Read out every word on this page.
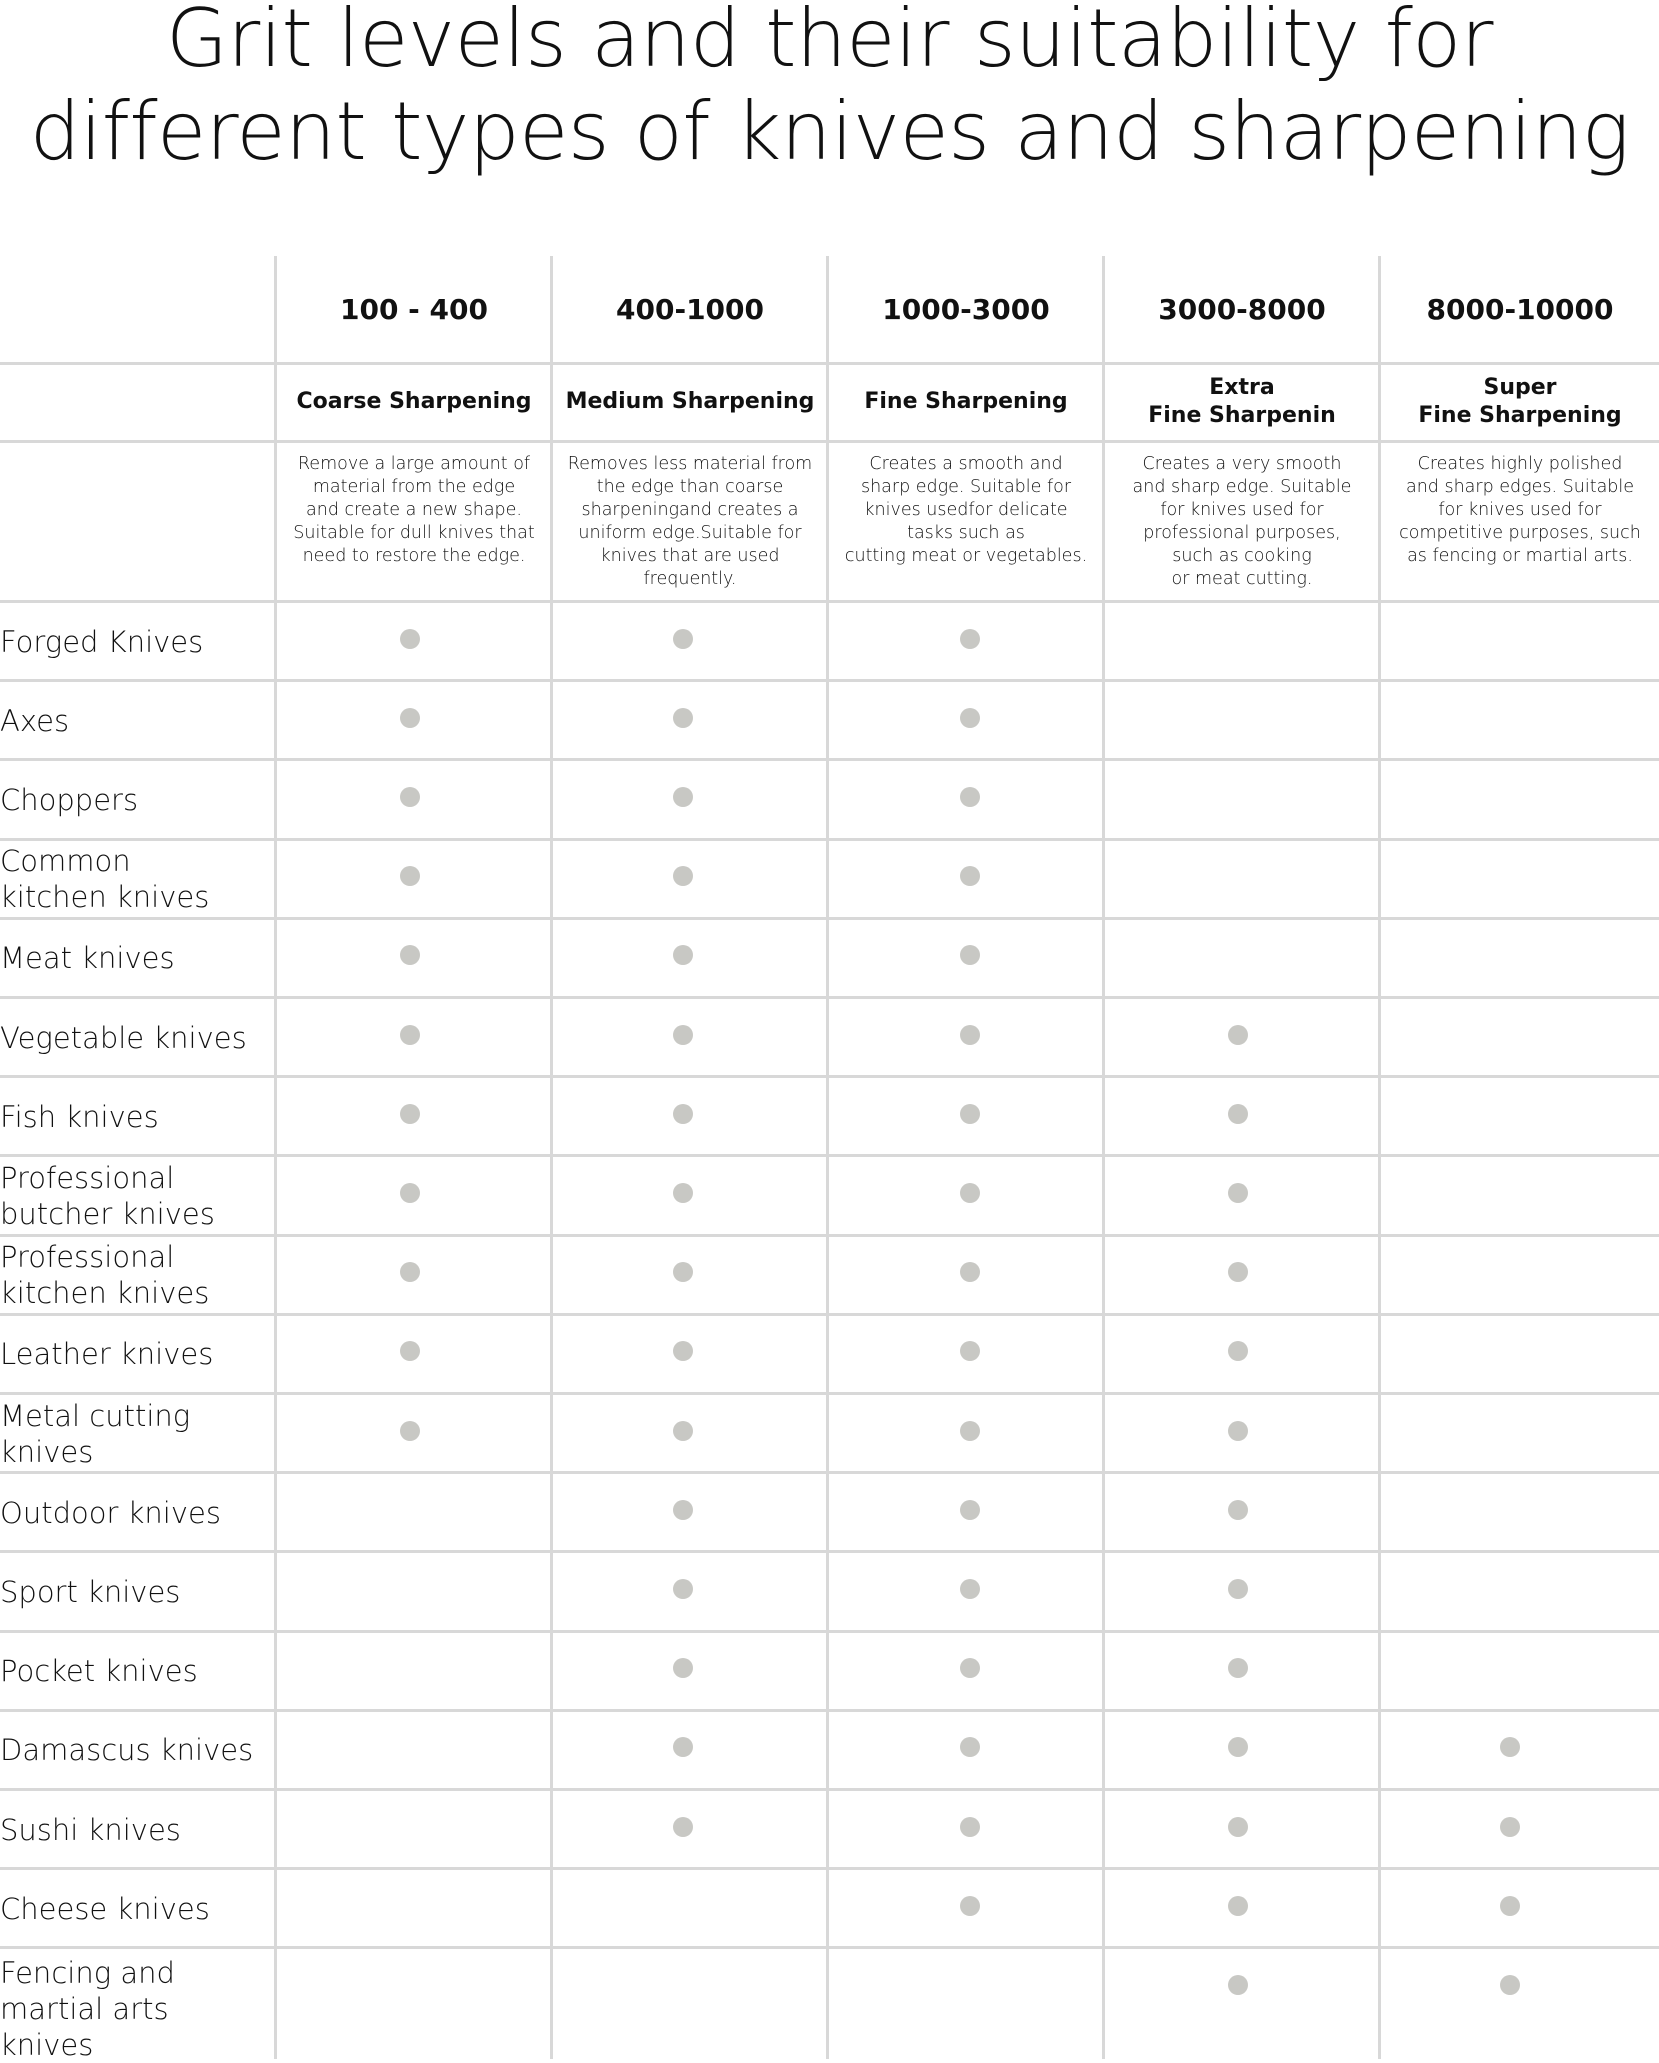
Grit levels and their suitability for
different types of knives and sharpening
100 - 400
Coarse Sharpening
Remove a large amount of
material from the edge
and create a new shape.
Suitable for dull knives that
need to restore the edge.
400-1000
Medium Sharpening
Removes less material from
the edge than coarse
sharpeningand creates a
uniform edge.Suitable for
knives that are used
frequently.
1000-3000
Fine Sharpening
Creates a smooth and
sharp edge. Suitable for
knives usedfor delicate
tasks such as
cutting meat or vegetables.
3000-8000
Extra
Fine Sharpenin
Creates a very smooth
and sharp edge. Suitable
for knives used for
professional purposes,
such as cooking
or meat cutting.
8000-10000
Super
Fine Sharpening
Creates highly polished
and sharp edges. Suitable
for knives used for
competitive purposes, such
as fencing or martial arts.
Forged Knives
Axes
Choppers
Common
kitchen knives
Meat knives
Vegetable knives
Fish knives
Professional
butcher knives
Professional
kitchen knives
Leather knives
Metal cutting
knives
Outdoor knives
Sport knives
Pocket knives
Damascus knives
Sushi knives
Cheese knives
Fencing and
martial arts
knives
